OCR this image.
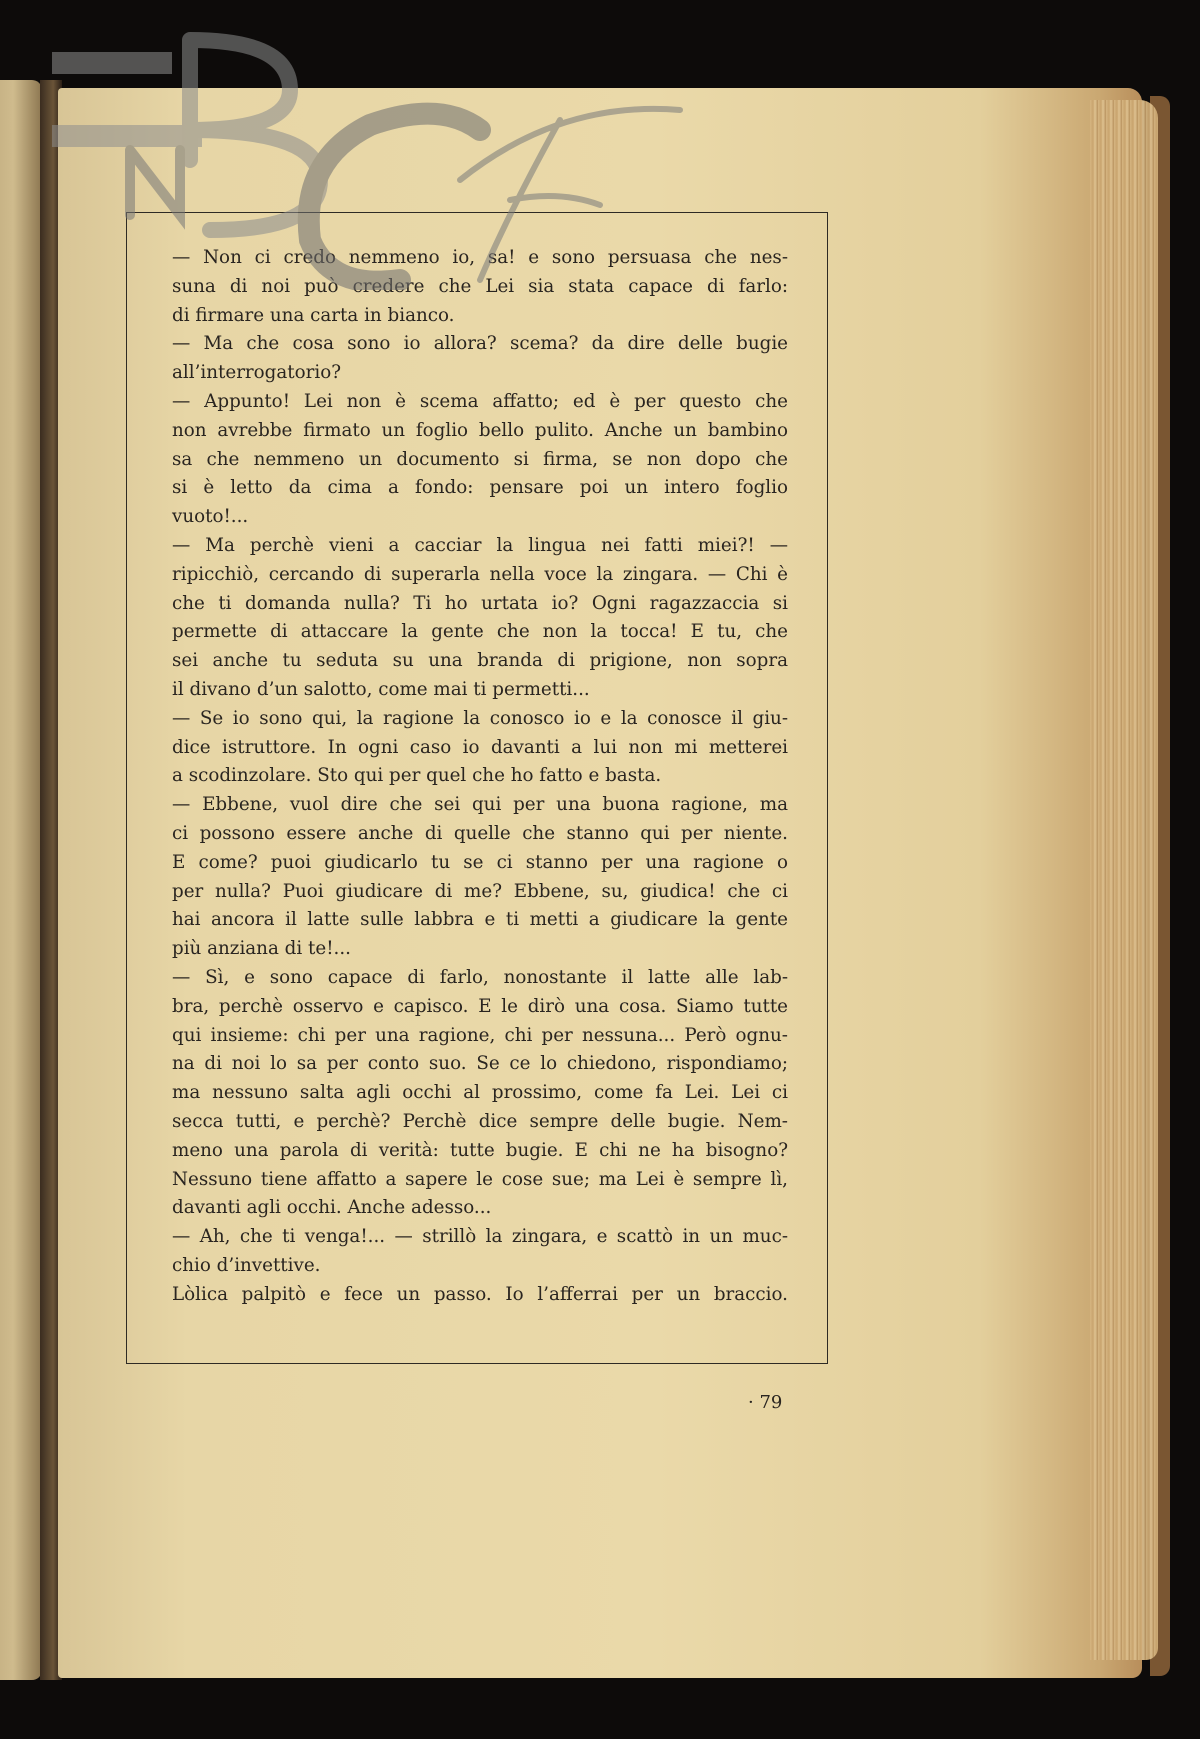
— Non ci credo nemmeno io, sa! e sono persuasa che nes-
suna di noi può credere che Lei sia stata capace di farlo:
di firmare una carta in bianco.
— Ma che cosa sono io allora? scema? da dire delle bugie
all’interrogatorio?
— Appunto! Lei non è scema affatto; ed è per questo che
non avrebbe firmato un foglio bello pulito. Anche un bambino
sa che nemmeno un documento si firma, se non dopo che
si è letto da cima a fondo: pensare poi un intero foglio
vuoto!...
— Ma perchè vieni a cacciar la lingua nei fatti miei?! —
ripicchiò, cercando di superarla nella voce la zingara. — Chi è
che ti domanda nulla? Ti ho urtata io? Ogni ragazzaccia si
permette di attaccare la gente che non la tocca! E tu, che
sei anche tu seduta su una branda di prigione, non sopra
il divano d’un salotto, come mai ti permetti...
— Se io sono qui, la ragione la conosco io e la conosce il giu-
dice istruttore. In ogni caso io davanti a lui non mi metterei
a scodinzolare. Sto qui per quel che ho fatto e basta.
— Ebbene, vuol dire che sei qui per una buona ragione, ma
ci possono essere anche di quelle che stanno qui per niente.
E come? puoi giudicarlo tu se ci stanno per una ragione o
per nulla? Puoi giudicare di me? Ebbene, su, giudica! che ci
hai ancora il latte sulle labbra e ti metti a giudicare la gente
più anziana di te!...
— Sì, e sono capace di farlo, nonostante il latte alle lab-
bra, perchè osservo e capisco. E le dirò una cosa. Siamo tutte
qui insieme: chi per una ragione, chi per nessuna... Però ognu-
na di noi lo sa per conto suo. Se ce lo chiedono, rispondiamo;
ma nessuno salta agli occhi al prossimo, come fa Lei. Lei ci
secca tutti, e perchè? Perchè dice sempre delle bugie. Nem-
meno una parola di verità: tutte bugie. E chi ne ha bisogno?
Nessuno tiene affatto a sapere le cose sue; ma Lei è sempre lì,
davanti agli occhi. Anche adesso...
— Ah, che ti venga!... — strillò la zingara, e scattò in un muc-
chio d’invettive.
Lòlica palpitò e fece un passo. Io l’afferrai per un braccio.
· 79
